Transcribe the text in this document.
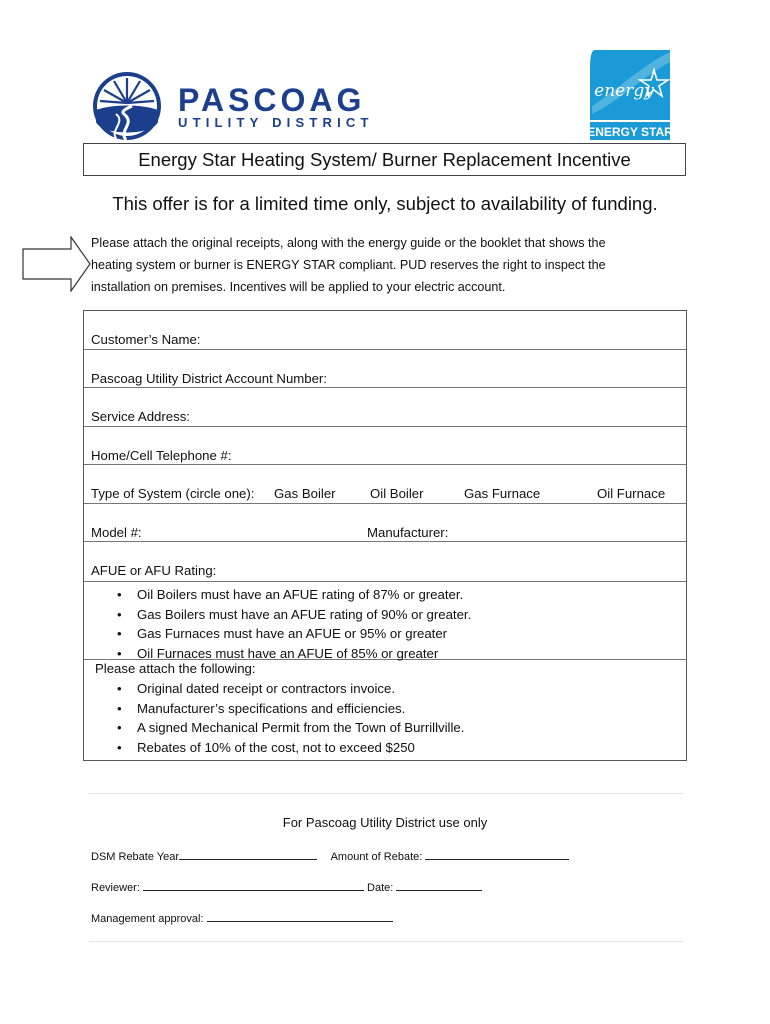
PASCOAG
UTILITY DISTRICT
energy
ENERGY STAR
Energy Star Heating System/ Burner Replacement Incentive
This offer is for a limited time only, subject to availability of funding.
Please attach the original receipts, along with the energy guide or the booklet that shows the
heating system or burner is ENERGY STAR compliant. PUD reserves the right to inspect the
installation on premises. Incentives will be applied to your electric account.
Customer’s Name:
Pascoag Utility District Account Number:
Service Address:
Home/Cell Telephone #:
Type of System (circle one): Gas Boiler	Oil Boiler	Gas Furnace	Oil Furnace
Model #:	Manufacturer:
AFUE or AFU Rating:
• Oil Boilers must have an AFUE rating of 87% or greater.
• Gas Boilers must have an AFUE rating of 90% or greater.
• Gas Furnaces must have an AFUE or 95% or greater
• Oil Furnaces must have an AFUE of 85% or greater
Please attach the following:
• Original dated receipt or contractors invoice.
• Manufacturer’s specifications and efficiencies.
• A signed Mechanical Permit from the Town of Burrillville.
• Rebates of 10% of the cost, not to exceed $250
For Pascoag Utility District use only
DSM Rebate Year	Amount of Rebate:
Reviewer:	Date:
Management approval:
